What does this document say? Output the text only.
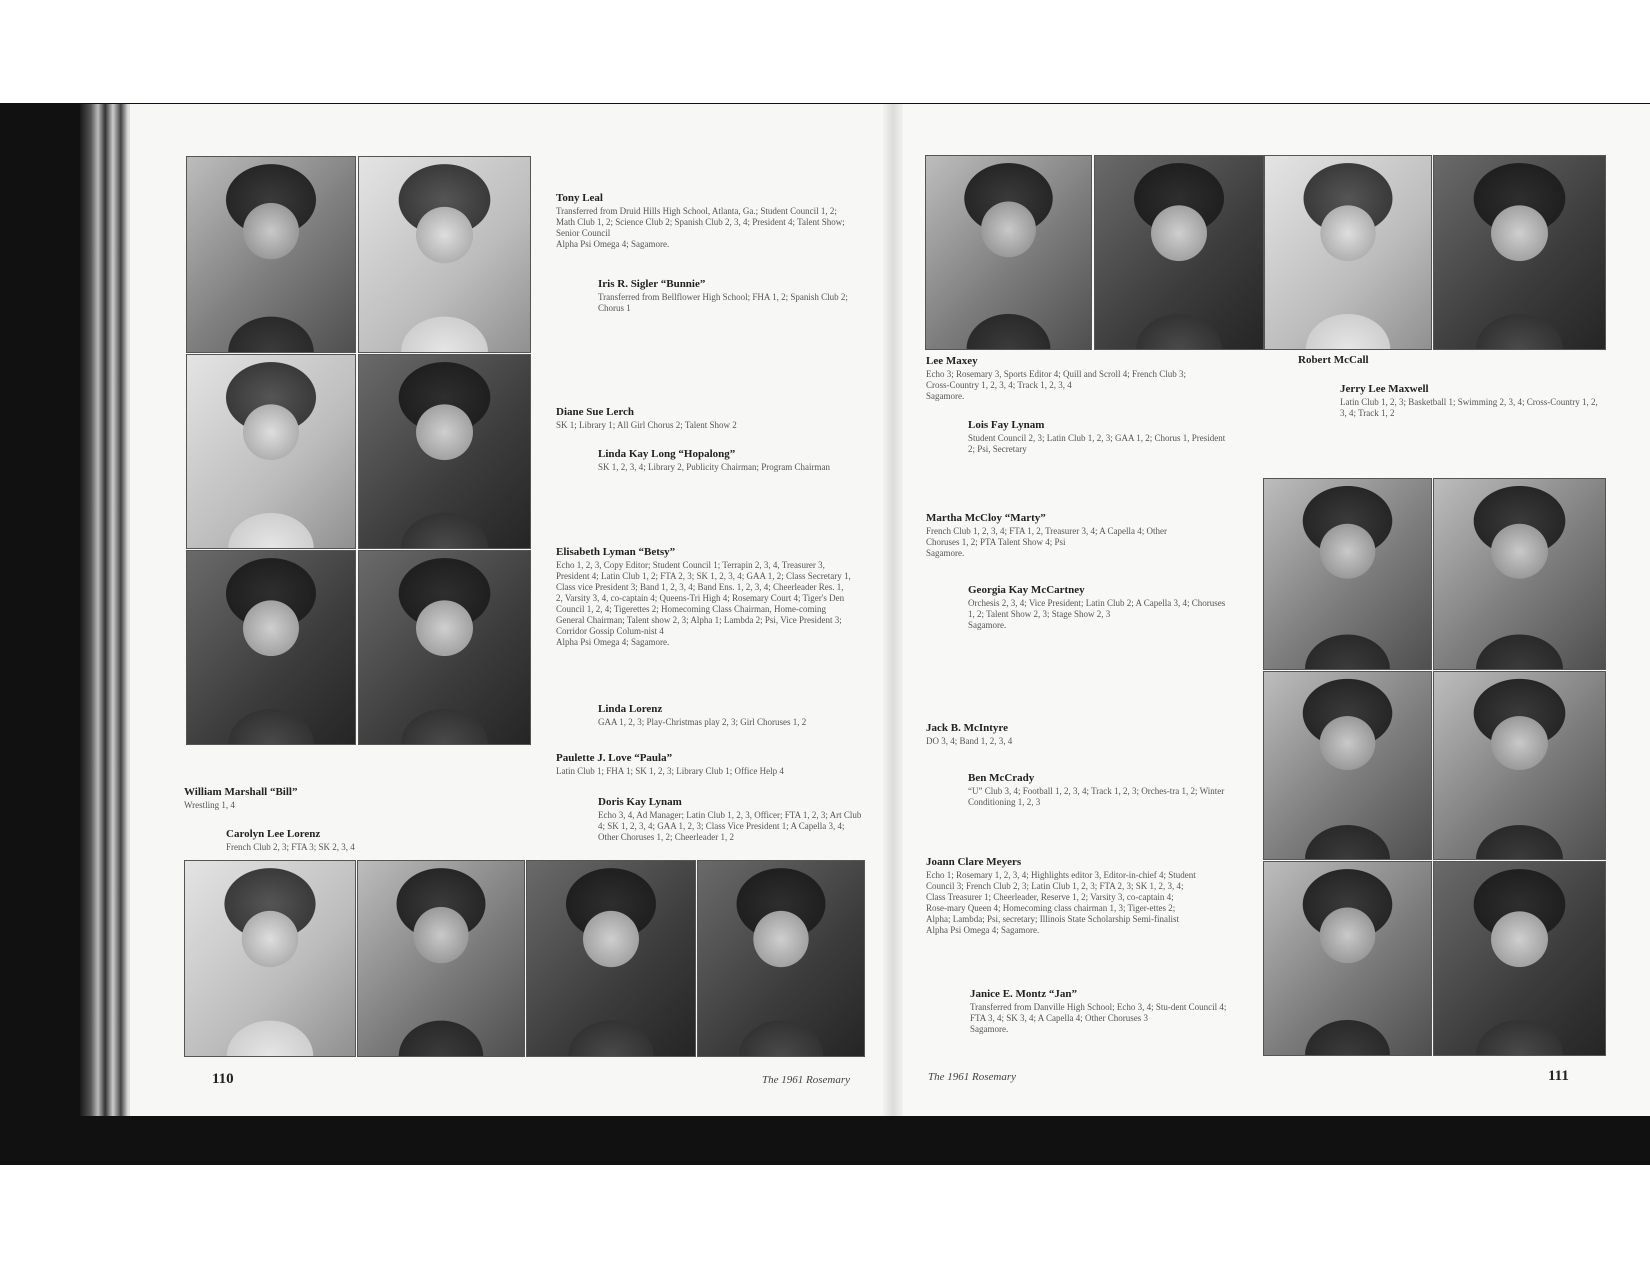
Tony Leal
Transferred from Druid Hills High School, Atlanta, Ga.; Student Council 1, 2; Math Club 1, 2; Science Club 2; Spanish Club 2, 3, 4; President 4; Talent Show; Senior Council
Alpha Psi Omega 4; Sagamore.
Iris R. Sigler “Bunnie”
Transferred from Bellflower High School; FHA 1, 2; Spanish Club 2; Chorus 1
Diane Sue Lerch
SK 1; Library 1; All Girl Chorus 2; Talent Show 2
Linda Kay Long “Hopalong”
SK 1, 2, 3, 4; Library 2, Publicity Chairman; Program Chairman
Elisabeth Lyman “Betsy”
Echo 1, 2, 3, Copy Editor; Student Council 1; Terrapin 2, 3, 4, Treasurer 3, President 4; Latin Club 1, 2; FTA 2, 3; SK 1, 2, 3, 4; GAA 1, 2; Class Secretary 1, Class vice President 3; Band 1, 2, 3, 4; Band Ens. 1, 2, 3, 4; Cheerleader Res. 1, 2, Varsity 3, 4, co-captain 4; Queens-Tri High 4; Rosemary Court 4; Tiger's Den Council 1, 2, 4; Tigerettes 2; Homecoming Class Chairman, Home-coming General Chairman; Talent show 2, 3; Alpha 1; Lambda 2; Psi, Vice President 3; Corridor Gossip Colum-nist 4
Alpha Psi Omega 4; Sagamore.
Linda Lorenz
GAA 1, 2, 3; Play-Christmas play 2, 3; Girl Choruses 1, 2
Paulette J. Love “Paula”
Latin Club 1; FHA 1; SK 1, 2, 3; Library Club 1; Office Help 4
William Marshall “Bill”
Wrestling 1, 4	Doris Kay Lynam
Echo 3, 4, Ad Manager; Latin Club 1, 2, 3, Officer; FTA 1, 2, 3; Art Club 4; SK 1, 2, 3, 4; GAA 1, 2, 3; Class Vice President 1; A Capella 3, 4; Other Choruses 1, 2; Cheerleader 1, 2
Carolyn Lee Lorenz
French Club 2, 3; FTA 3; SK 2, 3, 4
110	The 1961 Rosemary
Lee Maxey
Echo 3; Rosemary 3, Sports Editor 4; Quill and Scroll 4; French Club 3; Cross-Country 1, 2, 3, 4; Track 1, 2, 3, 4
Sagamore.
Robert McCall
Jerry Lee Maxwell
Latin Club 1, 2, 3; Basketball 1; Swimming 2, 3, 4; Cross-Country 1, 2, 3, 4; Track 1, 2
Lois Fay Lynam
Student Council 2, 3; Latin Club 1, 2, 3; GAA 1, 2; Chorus 1, President 2; Psi, Secretary
Martha McCloy “Marty”
French Club 1, 2, 3, 4; FTA 1, 2, Treasurer 3, 4; A Capella 4; Other Choruses 1, 2; PTA Talent Show 4; Psi
Sagamore.
Georgia Kay McCartney
Orchesis 2, 3, 4; Vice President; Latin Club 2; A Capella 3, 4; Choruses 1, 2; Talent Show 2, 3; Stage Show 2, 3
Sagamore.
Jack B. McIntyre
DO 3, 4; Band 1, 2, 3, 4
Ben McCrady
“U” Club 3, 4; Football 1, 2, 3, 4; Track 1, 2, 3; Orches-tra 1, 2; Winter Conditioning 1, 2, 3
Joann Clare Meyers
Echo 1; Rosemary 1, 2, 3, 4; Highlights editor 3, Editor-in-chief 4; Student Council 3; French Club 2, 3; Latin Club 1, 2, 3; FTA 2, 3; SK 1, 2, 3, 4; Class Treasurer 1; Cheerleader, Reserve 1, 2; Varsity 3, co-captain 4; Rose-mary Queen 4; Homecoming class chairman 1, 3; Tiger-ettes 2; Alpha; Lambda; Psi, secretary; Illinois State Scholarship Semi-finalist
Alpha Psi Omega 4; Sagamore.
Janice E. Montz “Jan”
Transferred from Danville High School; Echo 3, 4; Stu-dent Council 4; FTA 3, 4; SK 3, 4; A Capella 4; Other Choruses 3
Sagamore.
The 1961 Rosemary	111
